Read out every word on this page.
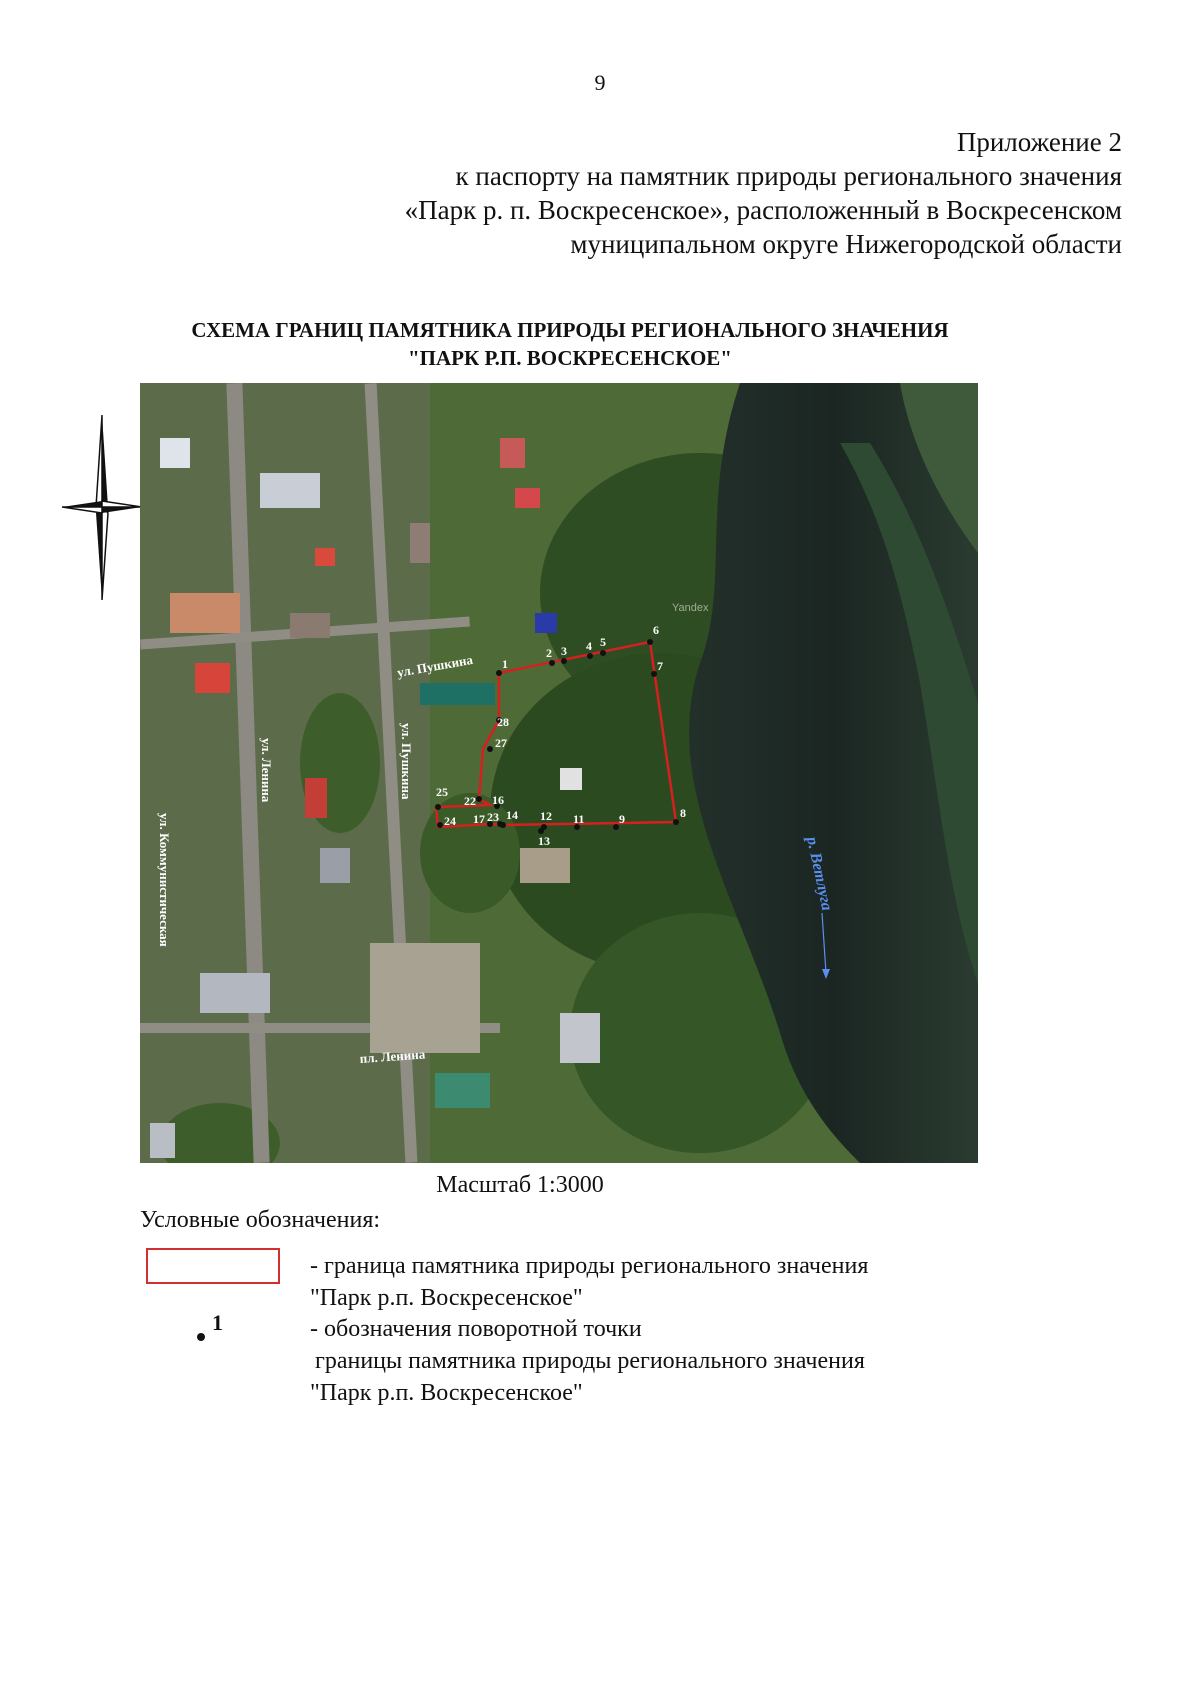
9
Приложение 2
к паспорту на памятник природы регионального значения
«Парк р. п. Воскресенское», расположенный в Воскресенском
муниципальном округе Нижегородской области
СХЕМА ГРАНИЦ ПАМЯТНИКА ПРИРОДЫ РЕГИОНАЛЬНОГО ЗНАЧЕНИЯ
"ПАРК Р.П. ВОСКРЕСЕНСКОЕ"
1
2 3 4 5
6
7
8
9
11
12
13
14
16
17
22
23
24
25
27
28
ул. Пушкина
ул. Пушкина
ул. Ленина
ул. Коммунистическая
пл. Ленина
р. Ветлуга
Yandex
Масштаб 1:3000
Условные обозначения:
- граница памятника природы регионального значения
"Парк р.п. Воскресенское"
1	- обозначения поворотной точки
границы памятника природы регионального значения
"Парк р.п. Воскресенское"
